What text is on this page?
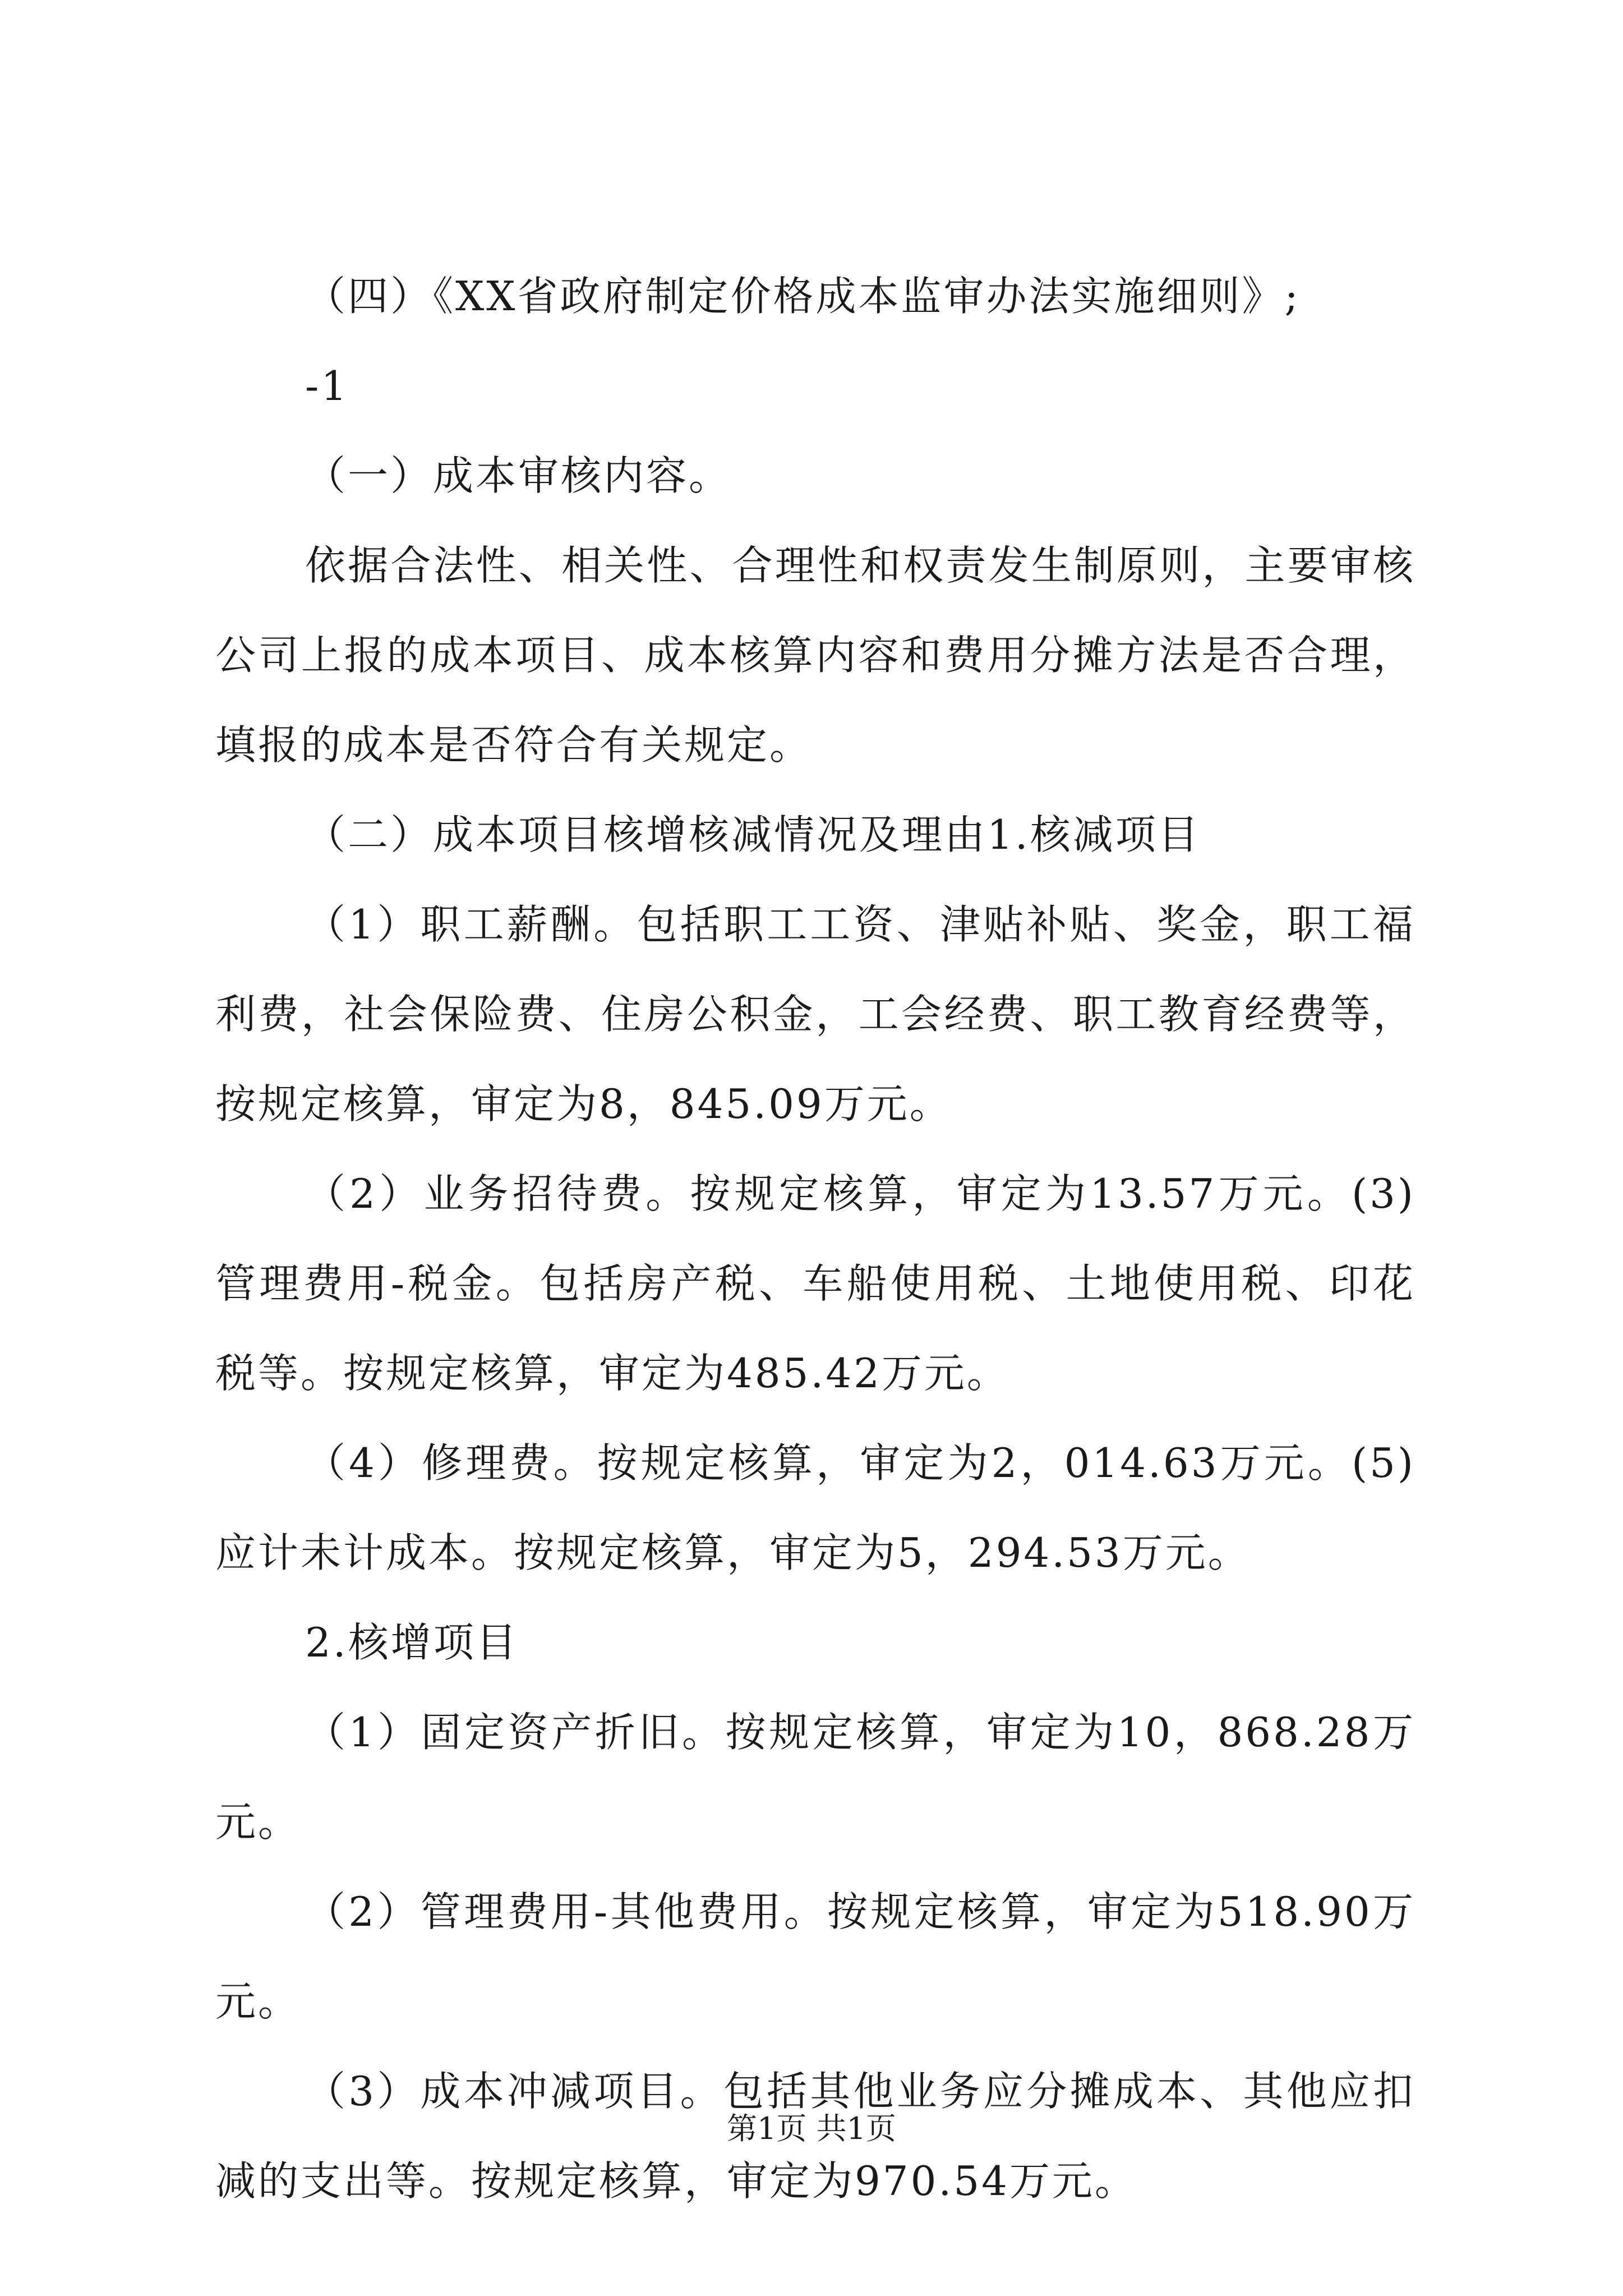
（四）《XX省政府制定价格成本监审办法实施细则》;

-1

（一）成本审核内容。

依据合法性、相关性、合理性和权责发生制原则，主要审核公司上报的成本项目、成本核算内容和费用分摊方法是否合理，填报的成本是否符合有关规定。

（二）成本项目核增核减情况及理由1.核减项目

（1）职工薪酬。包括职工工资、津贴补贴、奖金，职工福利费，社会保险费、住房公积金，工会经费、职工教育经费等，按规定核算，审定为8，845.09万元。

（2）业务招待费。按规定核算，审定为13.57万元。(3)管理费用-税金。包括房产税、车船使用税、土地使用税、印花税等。按规定核算，审定为485.42万元。

（4）修理费。按规定核算，审定为2，014.63万元。(5)应计未计成本。按规定核算，审定为5，294.53万元。

2.核增项目

（1）固定资产折旧。按规定核算，审定为10，868.28万元。

（2）管理费用-其他费用。按规定核算，审定为518.90万元。

（3）成本冲减项目。包括其他业务应分摊成本、其他应扣减的支出等。按规定核算，审定为970.54万元。

第1页 共1页
